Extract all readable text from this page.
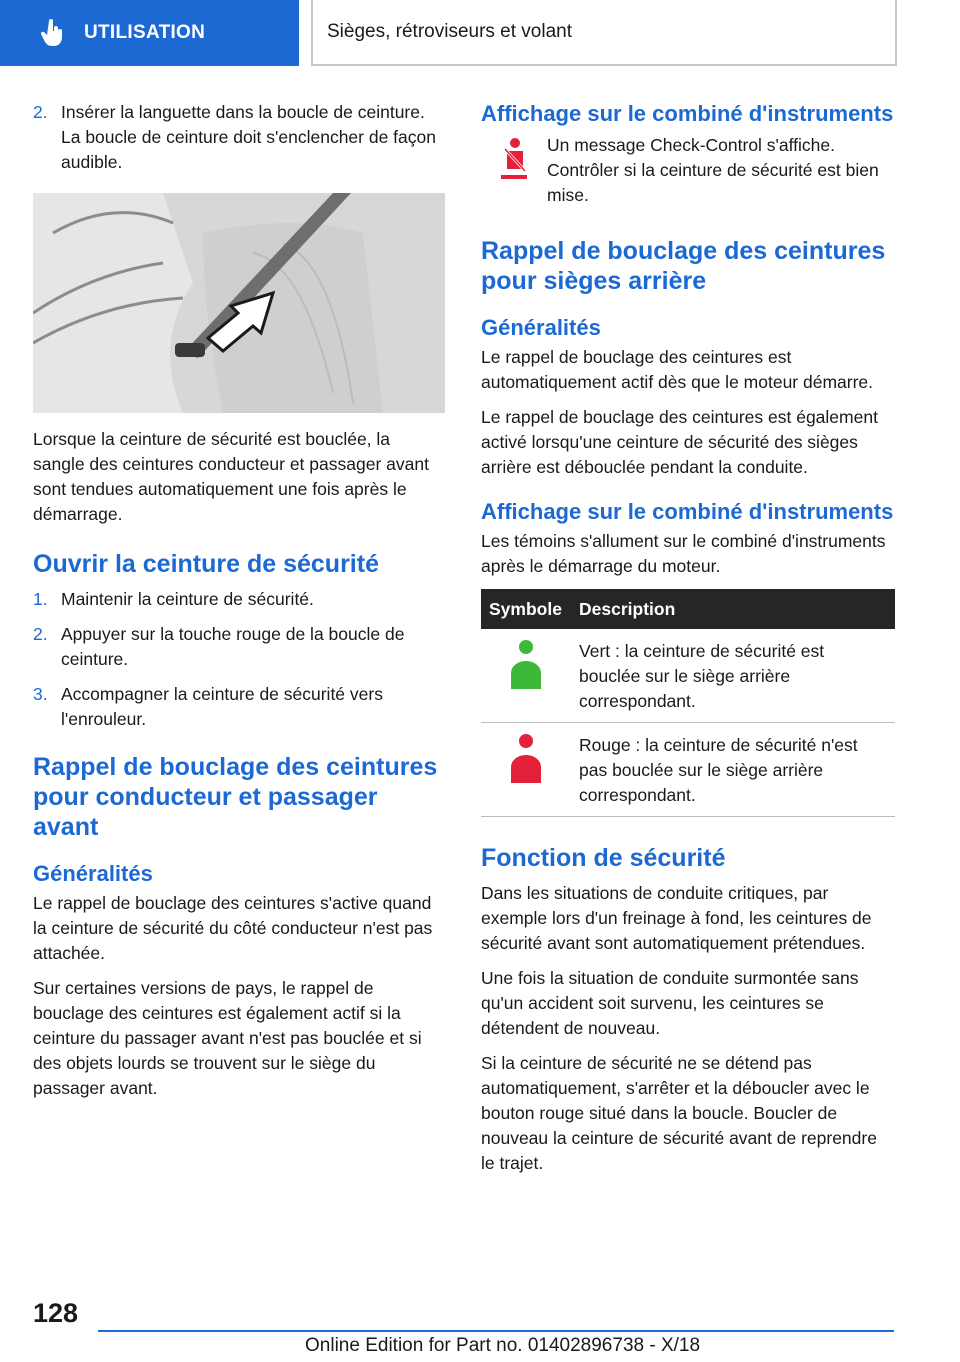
UTILISATION	Sièges, rétroviseurs et volant
2. Insérer la languette dans la boucle de ceinture. La boucle de ceinture doit s'enclencher de façon audible.

Lorsque la ceinture de sécurité est bouclée, la sangle des ceintures conducteur et passager avant sont tendues automatiquement une fois après le démarrage.

Ouvrir la ceinture de sécurité
1. Maintenir la ceinture de sécurité.
2. Appuyer sur la touche rouge de la boucle de ceinture.
3. Accompagner la ceinture de sécurité vers l'enrouleur.
Rappel de bouclage des ceintures pour conducteur et passager avant
Généralités

Le rappel de bouclage des ceintures s'active quand la ceinture de sécurité du côté conducteur n'est pas attachée.

Sur certaines versions de pays, le rappel de bouclage des ceintures est également actif si la ceinture du passager avant n'est pas bouclée et si des objets lourds se trouvent sur le siège du passager avant.

Affichage sur le combiné d'instruments
Un message Check-Control s'affiche. Contrôler si la ceinture de sécurité est bien mise.
Rappel de bouclage des ceintures pour sièges arrière
Généralités

Le rappel de bouclage des ceintures est automatiquement actif dès que le moteur démarre.

Le rappel de bouclage des ceintures est également activé lorsqu'une ceinture de sécurité des sièges arrière est débouclée pendant la conduite.

Affichage sur le combiné d'instruments

Les témoins s'allument sur le combiné d'instruments après le démarrage du moteur.

Symbole	Description
	Vert : la ceinture de sécurité est bouclée sur le siège arrière correspondant.
	Rouge : la ceinture de sécurité n'est pas bouclée sur le siège arrière correspondant.
Fonction de sécurité

Dans les situations de conduite critiques, par exemple lors d'un freinage à fond, les ceintures de sécurité avant sont automatiquement prétendues.

Une fois la situation de conduite surmontée sans qu'un accident soit survenu, les ceintures se détendent de nouveau.

Si la ceinture de sécurité ne se détend pas automatiquement, s'arrêter et la déboucler avec le bouton rouge situé dans la boucle. Boucler de nouveau la ceinture de sécurité avant de reprendre le trajet.

128
Online Edition for Part no. 01402896738 - X/18
